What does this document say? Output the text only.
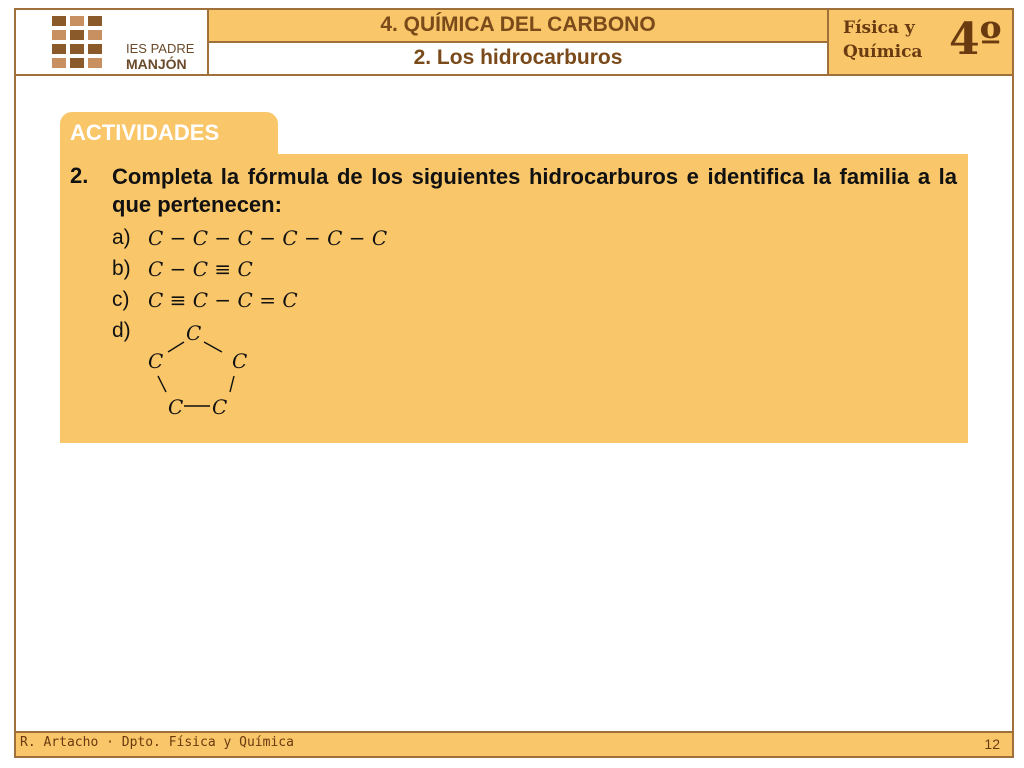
IES PADRE
MANJÓN
4. QUÍMICA DEL CARBONO
2. Los hidrocarburos
Física y
Química 4º
ACTIVIDADES
2. Completa la fórmula de los siguientes hidrocarburos e identifica la familia a la que pertenecen:
a) C − C − C − C − C − C
b) C − C ≡ C
c) C ≡ C − C = C
d)	C
C	C
C C
R. Artacho · Dpto. Física y Química	12
